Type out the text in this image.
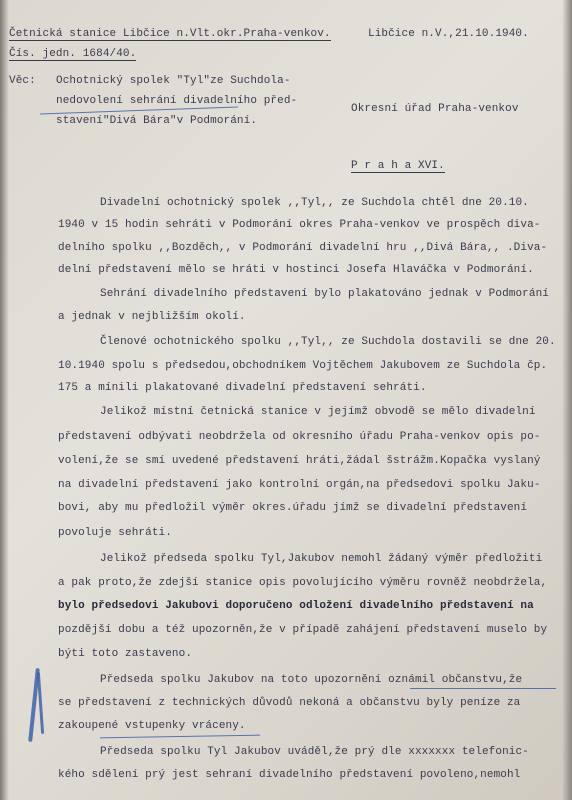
Četnická stanice Libčice n.Vlt.okr.Praha-venkov.	Libčice n.V.,21.10.1940.
Čís. jedn. 1684/40.
Věc: Ochotnický spolek "Tyl"ze Suchdola-
nedovolení sehrání divadelního před-
stavení"Divá Bára"v Podmorání.
Okresní úřad Praha-venkov
P r a h a XVI.
Divadelní ochotnický spolek ,,Tyl,, ze Suchdola chtěl dne 20.10.
1940 v 15 hodin sehráti v Podmorání okres Praha-venkov ve prospěch diva-
delního spolku ,,Bozděch,, v Podmorání divadelní hru ,,Divá Bára,, .Diva-
delní představení mělo se hráti v hostinci Josefa Hlaváčka v Podmorání.
Sehrání divadelního představení bylo plakatováno jednak v Podmorání
a jednak v nejbližším okolí.
Členové ochotnického spolku ,,Tyl,, ze Suchdola dostavili se dne 20.
10.1940 spolu s předsedou,obchodníkem Vojtěchem Jakubovem ze Suchdola čp.
175 a mínili plakatované divadelní představení sehráti.
Jelikož místní četnická stanice v jejímž obvodě se mělo divadelní
představení odbývati neobdržela od okresního úřadu Praha-venkov opis po-
volení,že se smí uvedené představení hráti,žádal šstrážm.Kopačka vyslaný
na divadelní představení jako kontrolní orgán,na předsedovi spolku Jaku-
bovi, aby mu předložil výměr okres.úřadu jímž se divadelní představení
povoluje sehráti.
Jelikož předseda spolku Tyl,Jakubov nemohl žádaný výměr předložiti
a pak proto,že zdejší stanice opis povolujícího výměru rovněž neobdržela,
bylo předsedovi Jakubovi doporučeno odložení divadelního představení na
pozdější dobu a též upozorněn,že v případě zahájení představení muselo by
býti toto zastaveno.
Předseda spolku Jakubov na toto upozornění oznámil občanstvu,že
se představení z technických důvodů nekoná a občanstvu byly peníze za
zakoupené vstupenky vráceny.
Předseda spolku Tyl Jakubov uváděl,že prý dle xxxxxxx telefonic-
kého sdělení prý jest sehraní divadelního představení povoleno,nemohl
